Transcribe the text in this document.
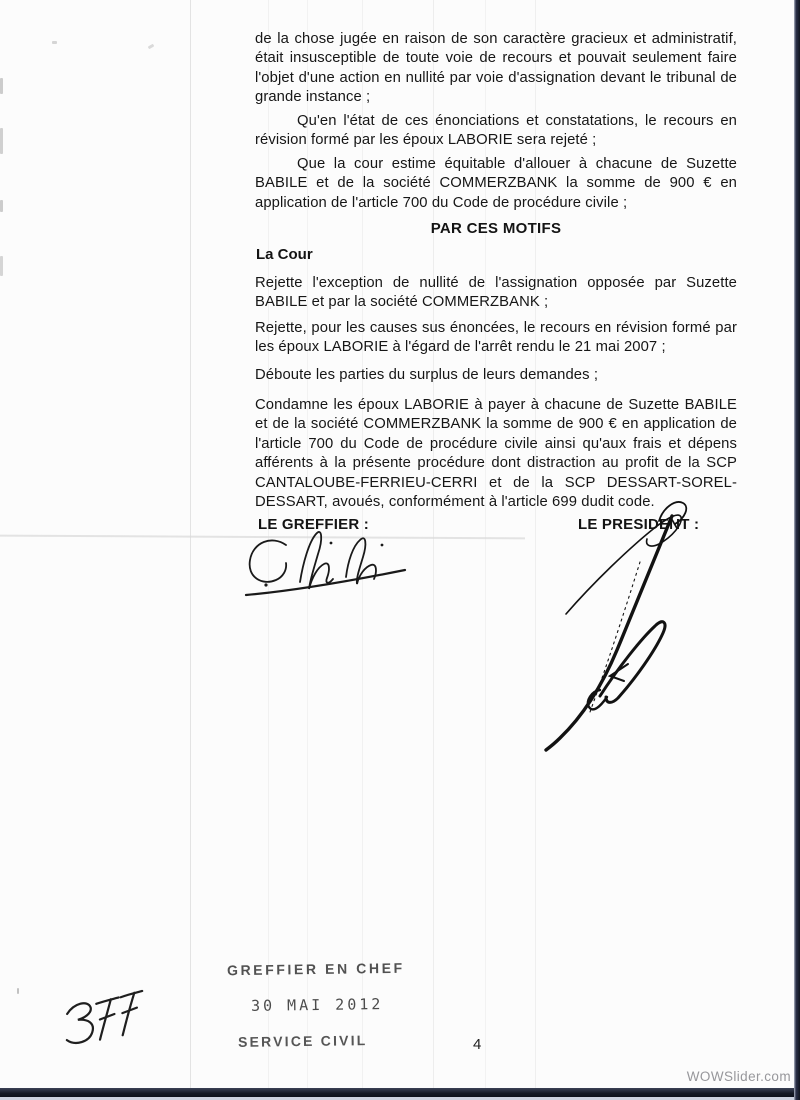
de la chose jugée en raison de son caractère gracieux et administratif,
était insusceptible de toute voie de recours et pouvait seulement faire
l'objet d'une action en nullité par voie d'assignation devant le tribunal de
grande instance ;
Qu'en l'état de ces énonciations et constatations, le recours en
révision formé par les époux LABORIE sera rejeté ;
Que la cour estime équitable d'allouer à chacune de Suzette
BABILE et de la société COMMERZBANK la somme de 900 € en
application de l'article 700 du Code de procédure civile ;
PAR CES MOTIFS
La Cour
Rejette l'exception de nullité de l'assignation opposée par Suzette
BABILE et par la société COMMERZBANK ;
Rejette, pour les causes sus énoncées, le recours en révision formé par
les époux LABORIE à l'égard de l'arrêt rendu le 21 mai 2007 ;
Déboute les parties du surplus de leurs demandes ;
Condamne les époux LABORIE à payer à chacune de Suzette BABILE
et de la société COMMERZBANK la somme de 900 € en application de
l'article 700 du Code de procédure civile ainsi qu'aux frais et dépens
afférents à la présente procédure dont distraction au profit de la SCP
CANTALOUBE-FERRIEU-CERRI et de la SCP DESSART-SOREL-
DESSART, avoués, conformément à l'article 699 dudit code.
LE GREFFIER :	LE PRESIDENT :
GREFFIER EN CHEF
30 MAI 2012
SERVICE CIVIL	4
WOWSlider.com
